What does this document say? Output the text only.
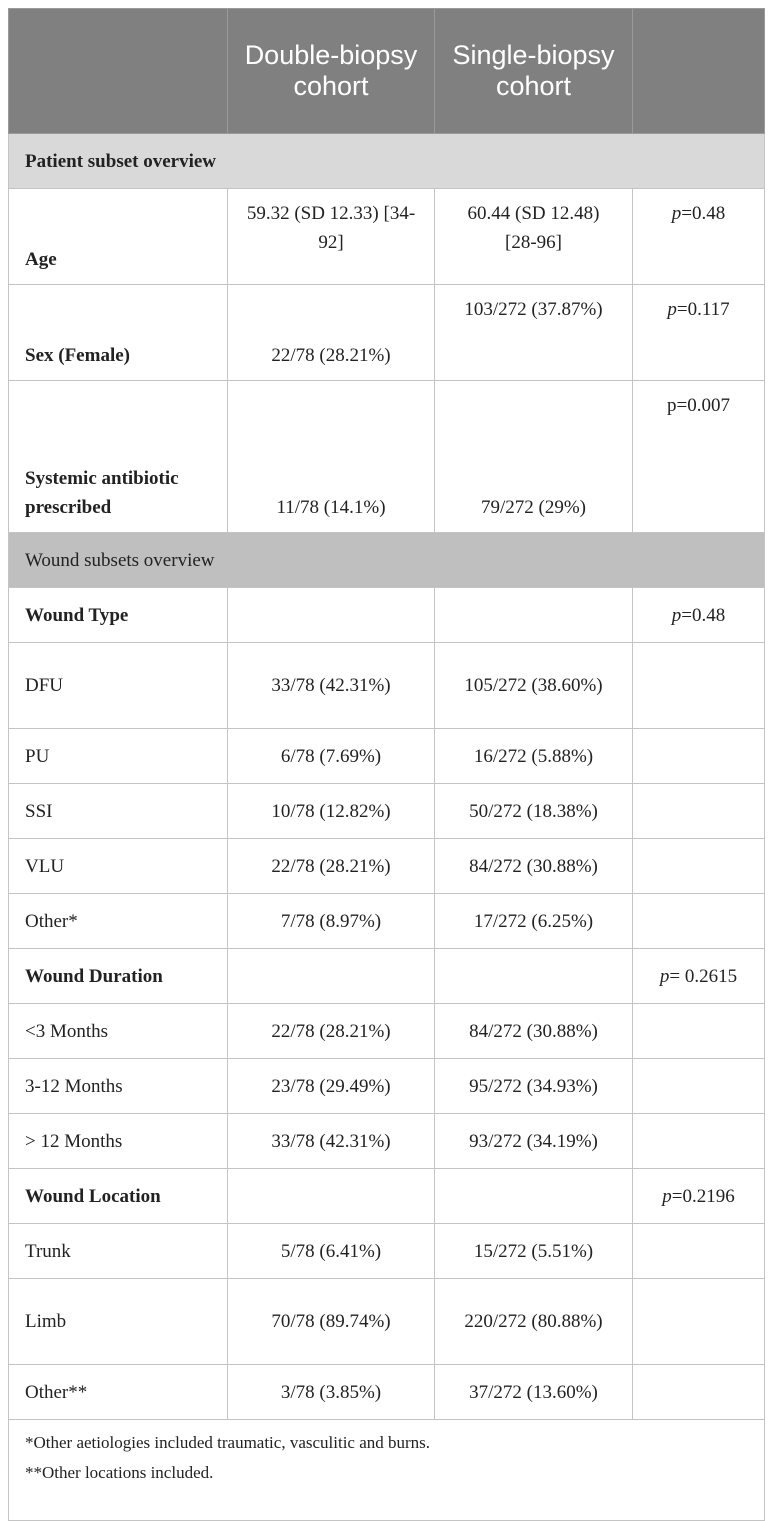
	Double-biopsy cohort	Single-biopsy cohort	
Patient subset overview			
Age	59.32 (SD 12.33) [34-92]	60.44 (SD 12.48) [28-96]	p=0.48
Sex (Female)	22/78 (28.21%)	103/272 (37.87%)	p=0.117
Systemic antibiotic prescribed	11/78 (14.1%)	79/272 (29%)	p=0.007
Wound subsets overview			
Wound Type			p=0.48
DFU	33/78 (42.31%)	105/272 (38.60%)	
PU	6/78 (7.69%)	16/272 (5.88%)	
SSI	10/78 (12.82%)	50/272 (18.38%)	
VLU	22/78 (28.21%)	84/272 (30.88%)	
Other*	7/78 (8.97%)	17/272 (6.25%)	
Wound Duration			p= 0.2615
<3 Months	22/78 (28.21%)	84/272 (30.88%)	
3-12 Months	23/78 (29.49%)	95/272 (34.93%)	
> 12 Months	33/78 (42.31%)	93/272 (34.19%)	
Wound Location			p=0.2196
Trunk	5/78 (6.41%)	15/272 (5.51%)	
Limb	70/78 (89.74%)	220/272 (80.88%)	
Other**	3/78 (3.85%)	37/272 (13.60%)	

*Other aetiologies included traumatic, vasculitic and burns.
**Other locations included.			
